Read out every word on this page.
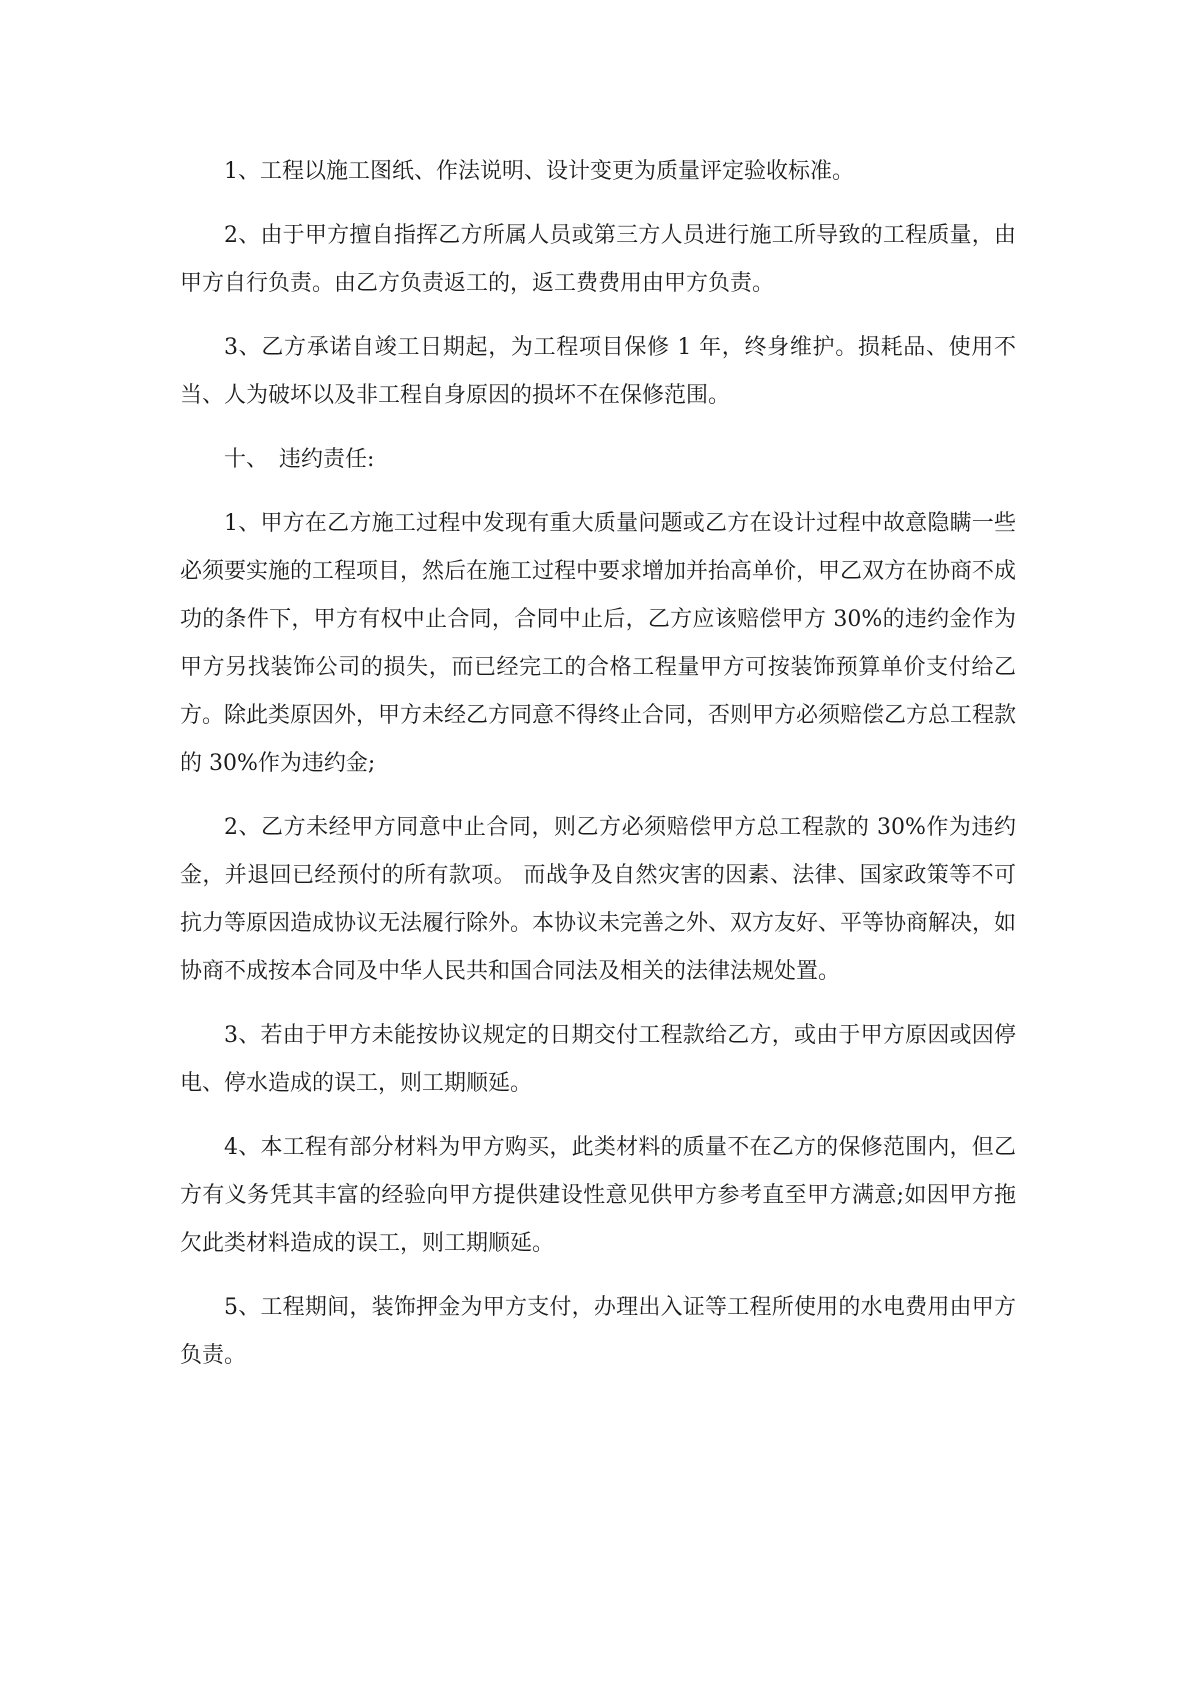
1、工程以施工图纸、作法说明、设计变更为质量评定验收标准。

2、由于甲方擅自指挥乙方所属人员或第三方人员进行施工所导致的工程质量，由甲方自行负责。由乙方负责返工的，返工费费用由甲方负责。

3、乙方承诺自竣工日期起，为工程项目保修 1 年，终身维护。损耗品、使用不当、人为破坏以及非工程自身原因的损坏不在保修范围。

十、　违约责任:

1、甲方在乙方施工过程中发现有重大质量问题或乙方在设计过程中故意隐瞒一些必须要实施的工程项目，然后在施工过程中要求增加并抬高单价，甲乙双方在协商不成功的条件下，甲方有权中止合同，合同中止后，乙方应该赔偿甲方 30%的违约金作为甲方另找装饰公司的损失，而已经完工的合格工程量甲方可按装饰预算单价支付给乙方。除此类原因外，甲方未经乙方同意不得终止合同，否则甲方必须赔偿乙方总工程款的 30%作为违约金;

2、乙方未经甲方同意中止合同，则乙方必须赔偿甲方总工程款的 30%作为违约金，并退回已经预付的所有款项。 而战争及自然灾害的因素、法律、国家政策等不可抗力等原因造成协议无法履行除外。本协议未完善之外、双方友好、平等协商解决，如协商不成按本合同及中华人民共和国合同法及相关的法律法规处置。

3、若由于甲方未能按协议规定的日期交付工程款给乙方，或由于甲方原因或因停电、停水造成的误工，则工期顺延。

4、本工程有部分材料为甲方购买，此类材料的质量不在乙方的保修范围内，但乙方有义务凭其丰富的经验向甲方提供建设性意见供甲方参考直至甲方满意;如因甲方拖欠此类材料造成的误工，则工期顺延。

5、工程期间，装饰押金为甲方支付，办理出入证等工程所使用的水电费用由甲方负责。
